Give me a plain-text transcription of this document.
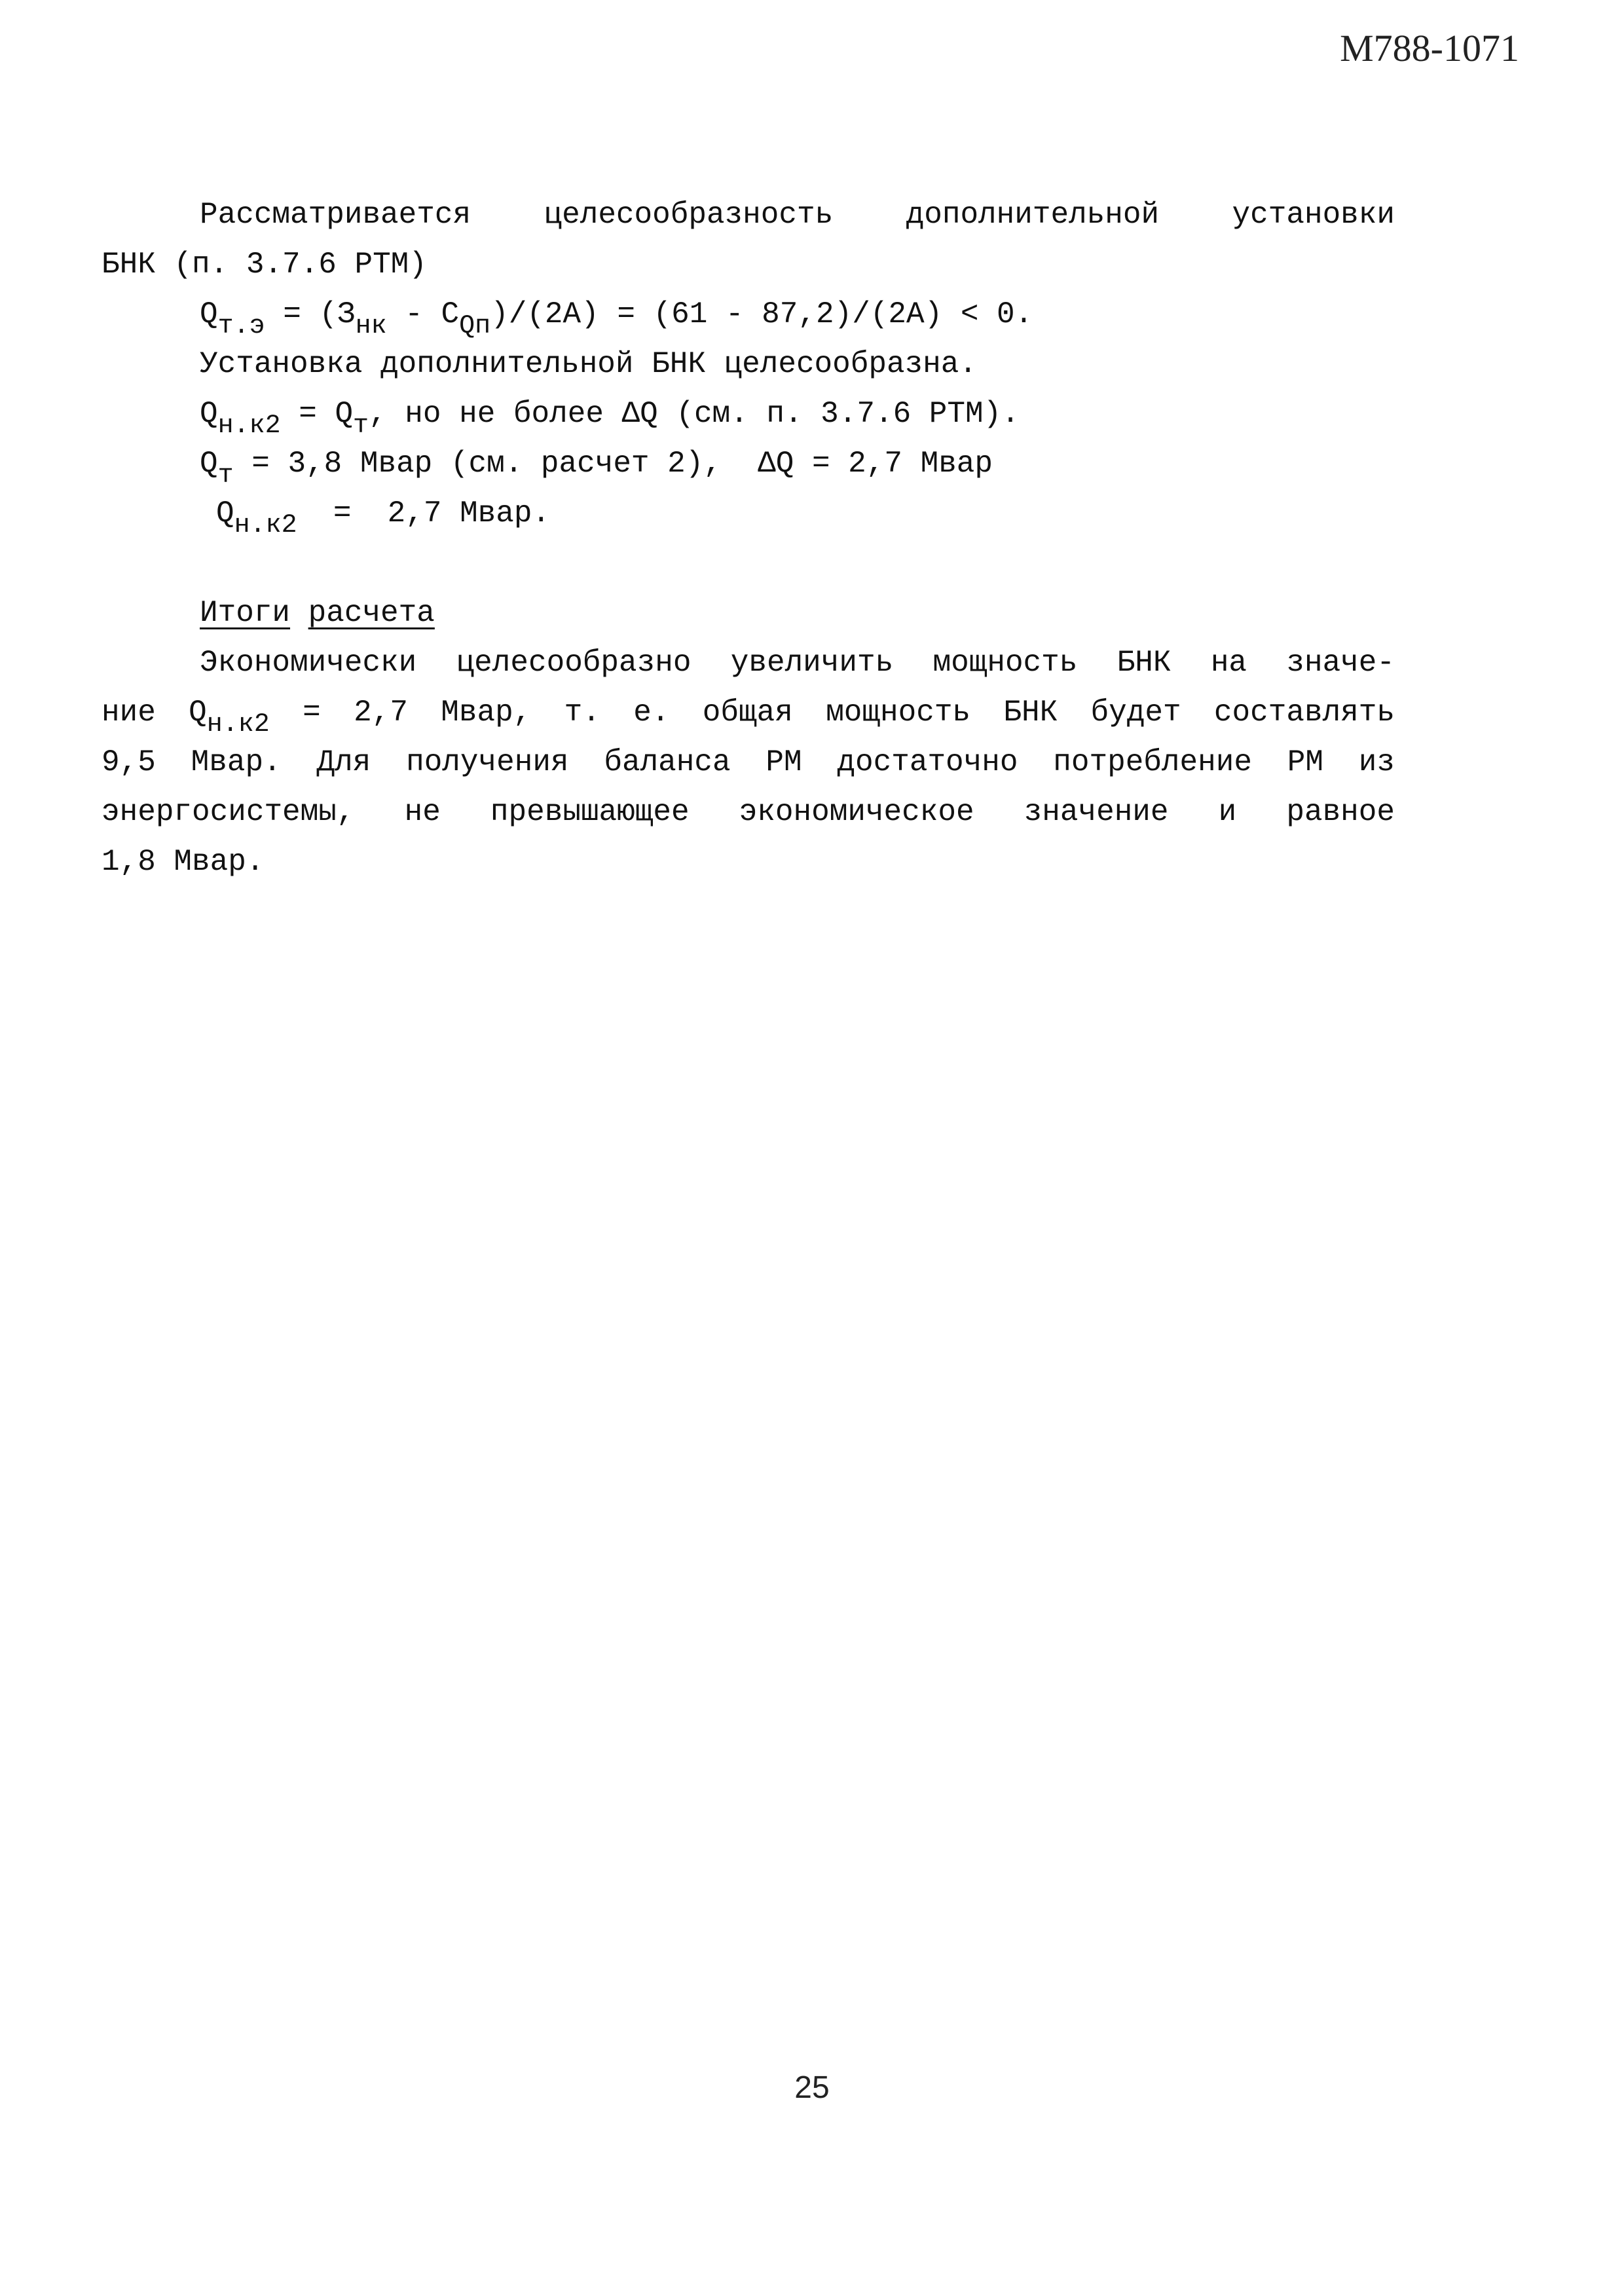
М788-1071

Рассматривается целесообразность дополнительной установки

БНК (п. 3.7.6 РТМ)

$Q_{т.э} = (З_{нк} - С_{Qп})/(2А) = (61 - 87,2)/(2А) < 0$.

Установка дополнительной БНК целесообразна.

$Q_{н.к2} = Q_т$, но не более ΔQ (см. п. 3.7.6 РТМ).

$Q_т = 3,8$ Мвар (см. расчет 2),  ΔQ = 2,7 Мвар

$Q_{н.к2} = 2,7$ Мвар.

Итоги расчета

Экономически целесообразно увеличить мощность БНК на значе-

ние $Q_{н.к2} = 2,7$ Мвар, т. е. общая мощность БНК будет составлять

9,5 Мвар. Для получения баланса РМ достаточно потребление РМ из

энергосистемы, не превышающее экономическое значение и равное

1,8 Мвар.

25
